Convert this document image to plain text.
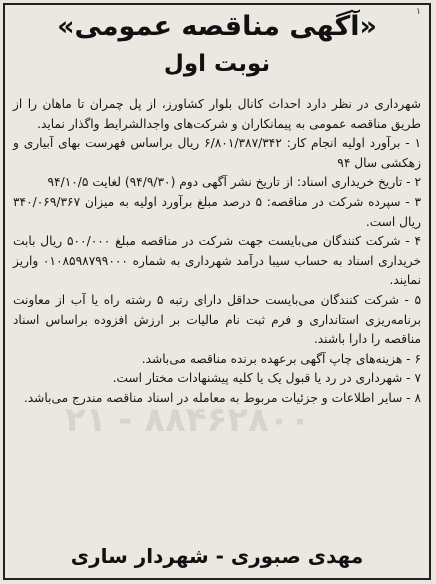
۱
«آگهی مناقصه عمومی»
نوبت اول

شهرداری در نظر دارد احداث کانال بلوار کشاورز، از پل چمران تا ماهان را از طریق مناقصه عمومی به پیمانکاران و شرکت‌های واجدالشرایط واگذار نماید.

۱ - برآورد اولیه انجام کار: ۶/۸۰۱/۳۸۷/۳۴۲ ریال براساس فهرست بهای آبیاری و زهکشی سال ۹۴

۲ - تاریخ خریداری اسناد: از تاریخ نشر آگهی دوم (۹۴/۹/۳۰) لغایت ۹۴/۱۰/۵

۳ - سپرده شرکت در مناقصه: ۵ درصد مبلغ برآورد اولیه به میزان ۳۴۰/۰۶۹/۳۶۷ ریال است.

۴ - شرکت کنندگان می‌بایست جهت شرکت در مناقصه مبلغ ۵۰۰/۰۰۰ ریال بابت خریداری اسناد به حساب سیبا درآمد شهرداری به شماره ۰۱۰۸۵۹۸۷۹۹۰۰۰ واریز نمایند.

۵ - شرکت کنندگان می‌بایست حداقل دارای رتبه ۵ رشته راه یا آب از معاونت برنامه‌ریزی استانداری و فرم ثبت نام مالیات بر ارزش افزوده براساس اسناد مناقصه را دارا باشند.

۶ - هزینه‌های چاپ آگهی برعهده برنده مناقصه می‌باشد.

۷ - شهرداری در رد یا قبول یک یا کلیه پیشنهادات مختار است.

۸ - سایر اطلاعات و جزئیات مربوط به معامله در اسناد مناقصه مندرج می‌باشد.

۲۱ - ۸۸۴۶۲۸۰۰
مهدی صبوری - شهردار ساری
